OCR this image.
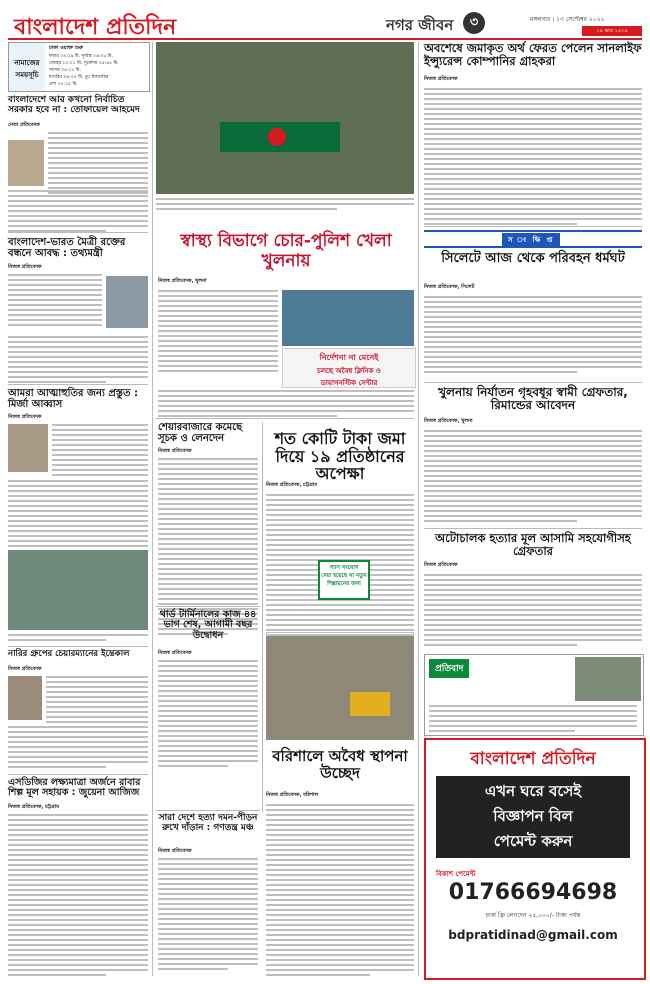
বাংলাদেশ প্রতিদিন	নগর জীবন	৩	মঙ্গলবার । ১৩ সেপ্টেম্বর ২০২২
২৯ ভাদ্র ১৪২৯
নামাজের সময়সূচি
ঢাকা ওয়াক্ত শুরু
ফজর ০৪:২৯ মি. সূর্যাস্ত ০৬:০৫ মি.
জোহর ১২:০১ মি. সূর্যোদয় ০৫:৪৫ মি.
আসর ০৪:২২ মি.
মাগরিব ০৬:০৫ মি. তুঃ ইফতারির
এশা ০৭:১৫ মি.
বাংলাদেশে আর কখনো নির্বাচিত সরকার হবে না : তোফায়েল আহমেদ
নেতা প্রতিবেদক
বাংলাদেশ-ভারত মৈত্রী রক্তের বন্ধনে আবদ্ধ : তথ্যমন্ত্রী
নিজস্ব প্রতিবেদক
আমরা আত্মাহুতির জন্য প্রস্তুত : মির্জা আব্বাস
নিজস্ব প্রতিবেদক
নারির গ্রুপের চেয়ারম্যানের ইন্তেকাল
নিজস্ব প্রতিবেদক
এসডিজির লক্ষ্যমাত্রা অর্জনে রাবার শিল্প মূল সহায়ক : জুয়েনা আজিজ
নিজস্ব প্রতিবেদক, চট্টগ্রাম
অবশেষে জমাকৃত অর্থ ফেরত পেলেন সানলাইফ ইন্স্যুরেন্স কোম্পানির গ্রাহকরা
নিজস্ব প্রতিবেদক
স্বাস্থ্য বিভাগে চোর-পুলিশ খেলা খুলনায়
নিজস্ব প্রতিবেদক, খুলনা
নির্দেশনা না মেনেই
চলছে অবৈধ ক্লিনিক ও
ডায়াগনস্টিক সেন্টার
শেয়ারবাজারে কমেছে সূচক ও লেনদেন
নিজস্ব প্রতিবেদক
শত কোটি টাকা জমা দিয়ে ১৯ প্রতিষ্ঠানের অপেক্ষা
নিজস্ব প্রতিবেদক, চট্টগ্রাম
গ্যাস সংযোগ
দেয়া হয়েছে না নতুন
শিল্পায়নের জন্য
থার্ড টার্মিনালের কাজ ৪৪ ভাগ শেষ, আগামী বছর উদ্বোধন
নিজস্ব প্রতিবেদক
সারা দেশে হত্যা দমন-পীড়ন রুখে দাঁড়ান : গণতন্ত্র মঞ্চ
নিজস্ব প্রতিবেদক
বরিশালে অবৈধ স্থাপনা উচ্ছেদ
নিজস্ব প্রতিবেদক, বরিশাল
স ং ক্ষি প্ত
সিলেটে আজ থেকে পরিবহন ধর্মঘট
নিজস্ব প্রতিবেদক, সিলেট
খুলনায় নির্যাতন গৃহবধূর স্বামী গ্রেফতার, রিমান্ডের আবেদন
নিজস্ব প্রতিবেদক, খুলনা
অটোচালক হত্যার মূল আসামি সহযোগীসহ গ্রেফতার
নিজস্ব প্রতিবেদক
প্রতিবাদ
বাংলাদেশ প্রতিদিন
এখন ঘরে বসেই
বিজ্ঞাপন বিল
পেমেন্ট করুন
বিকাশ পেমেন্ট
01766694698
চার্জ ফ্রি লেনদেন ২৫,০০০/- টাকা পর্যন্ত
bdpratidinad@gmail.com
